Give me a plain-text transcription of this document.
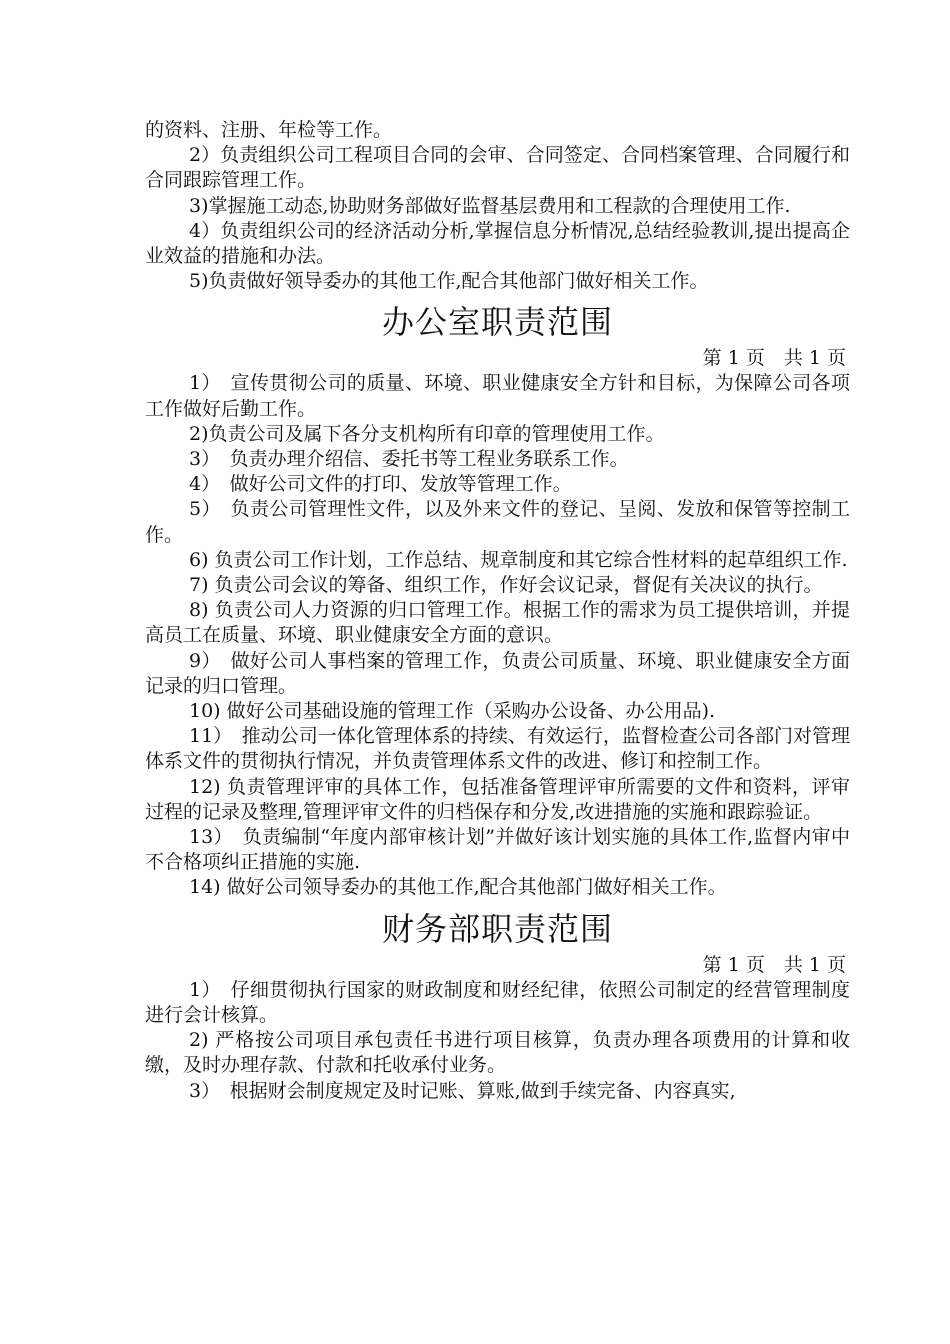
的资料、注册、年检等工作。

2）负责组织公司工程项目合同的会审、合同签定、合同档案管理、合同履行和合同跟踪管理工作。

3)掌握施工动态,协助财务部做好监督基层费用和工程款的合理使用工作.

4）负责组织公司的经济活动分析,掌握信息分析情况,总结经验教训,提出提高企业效益的措施和办法。

5)负责做好领导委办的其他工作,配合其他部门做好相关工作。

办公室职责范围
第 1 页　共 1 页

1）　宣传贯彻公司的质量、环境、职业健康安全方针和目标，为保障公司各项工作做好后勤工作。

2)负责公司及属下各分支机构所有印章的管理使用工作。

3）　负责办理介绍信、委托书等工程业务联系工作。

4）　做好公司文件的打印、发放等管理工作。

5）　负责公司管理性文件，以及外来文件的登记、呈阅、发放和保管等控制工作。

6) 负责公司工作计划，工作总结、规章制度和其它综合性材料的起草组织工作.

7) 负责公司会议的筹备、组织工作，作好会议记录，督促有关决议的执行。

8) 负责公司人力资源的归口管理工作。根据工作的需求为员工提供培训，并提高员工在质量、环境、职业健康安全方面的意识。

9）　做好公司人事档案的管理工作，负责公司质量、环境、职业健康安全方面记录的归口管理。

10) 做好公司基础设施的管理工作（采购办公设备、办公用品).

11）　推动公司一体化管理体系的持续、有效运行，监督检查公司各部门对管理体系文件的贯彻执行情况，并负责管理体系文件的改进、修订和控制工作。

12) 负责管理评审的具体工作，包括准备管理评审所需要的文件和资料，评审过程的记录及整理,管理评审文件的归档保存和分发,改进措施的实施和跟踪验证。

13）　负责编制“年度内部审核计划”并做好该计划实施的具体工作,监督内审中不合格项纠正措施的实施.

14) 做好公司领导委办的其他工作,配合其他部门做好相关工作。

财务部职责范围
第 1 页　共 1 页

1）　仔细贯彻执行国家的财政制度和财经纪律，依照公司制定的经营管理制度进行会计核算。

2) 严格按公司项目承包责任书进行项目核算，负责办理各项费用的计算和收缴，及时办理存款、付款和托收承付业务。

3）　根据财会制度规定及时记账、算账,做到手续完备、内容真实,
